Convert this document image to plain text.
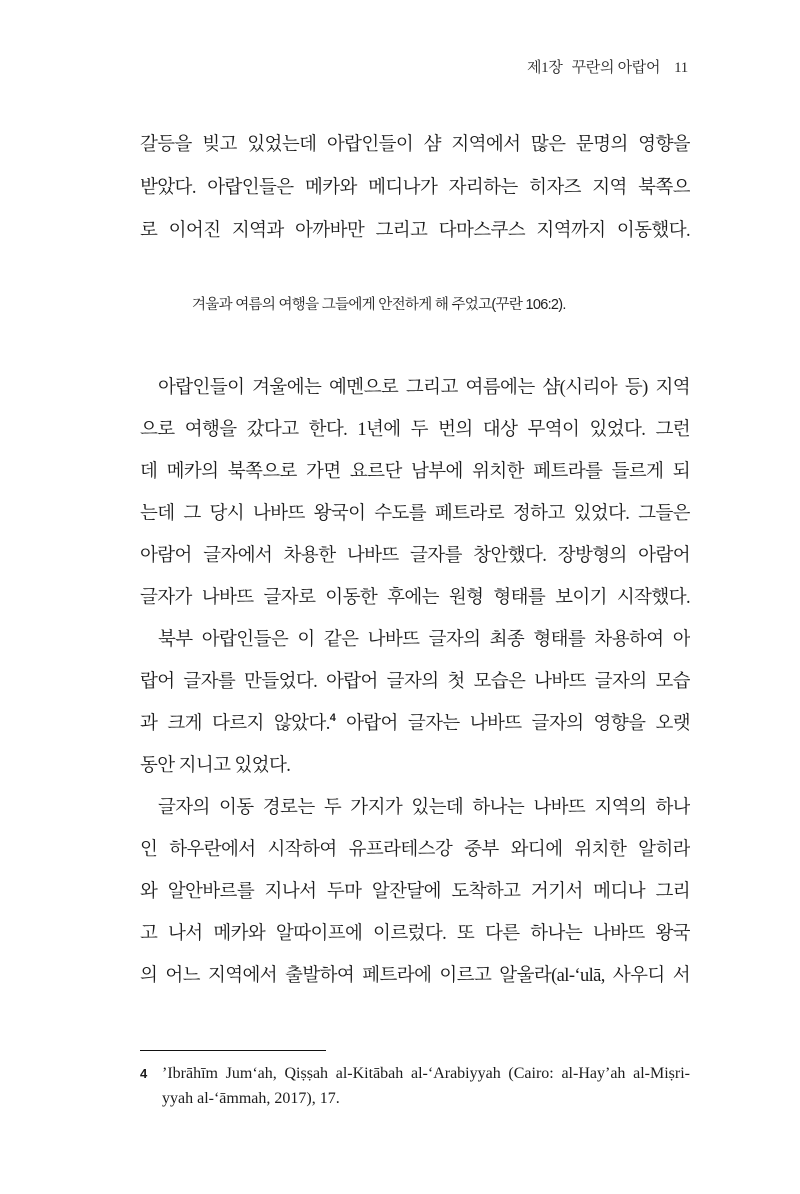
제1장 꾸란의 아랍어 11
갈등을 빚고 있었는데 아랍인들이 샴 지역에서 많은 문명의 영향을
받았다. 아랍인들은 메카와 메디나가 자리하는 히자즈 지역 북쪽으
로 이어진 지역과 아까바만 그리고 다마스쿠스 지역까지 이동했다.
겨울과 여름의 여행을 그들에게 안전하게 해 주었고(꾸란 106:2).
아랍인들이 겨울에는 예멘으로 그리고 여름에는 샴(시리아 등) 지역
으로 여행을 갔다고 한다. 1년에 두 번의 대상 무역이 있었다. 그런
데 메카의 북쪽으로 가면 요르단 남부에 위치한 페트라를 들르게 되
는데 그 당시 나바뜨 왕국이 수도를 페트라로 정하고 있었다. 그들은
아람어 글자에서 차용한 나바뜨 글자를 창안했다. 장방형의 아람어
글자가 나바뜨 글자로 이동한 후에는 원형 형태를 보이기 시작했다.
북부 아랍인들은 이 같은 나바뜨 글자의 최종 형태를 차용하여 아
랍어 글자를 만들었다. 아랍어 글자의 첫 모습은 나바뜨 글자의 모습
과 크게 다르지 않았다.$^4$ 아랍어 글자는 나바뜨 글자의 영향을 오랫
동안 지니고 있었다.
글자의 이동 경로는 두 가지가 있는데 하나는 나바뜨 지역의 하나
인 하우란에서 시작하여 유프라테스강 중부 와디에 위치한 알히라
와 알안바르를 지나서 두마 알잔달에 도착하고 거기서 메디나 그리
고 나서 메카와 알따이프에 이르렀다. 또 다른 하나는 나바뜨 왕국
의 어느 지역에서 출발하여 페트라에 이르고 알울라(al-‘ulā, 사우디 서
4 ’Ibrāhīm Jum‘ah, Qiṣṣah al-Kitābah al-‘Arabiyyah (Cairo: al-Hay’ah al-Miṣri-
yyah al-‘āmmah, 2017), 17.
